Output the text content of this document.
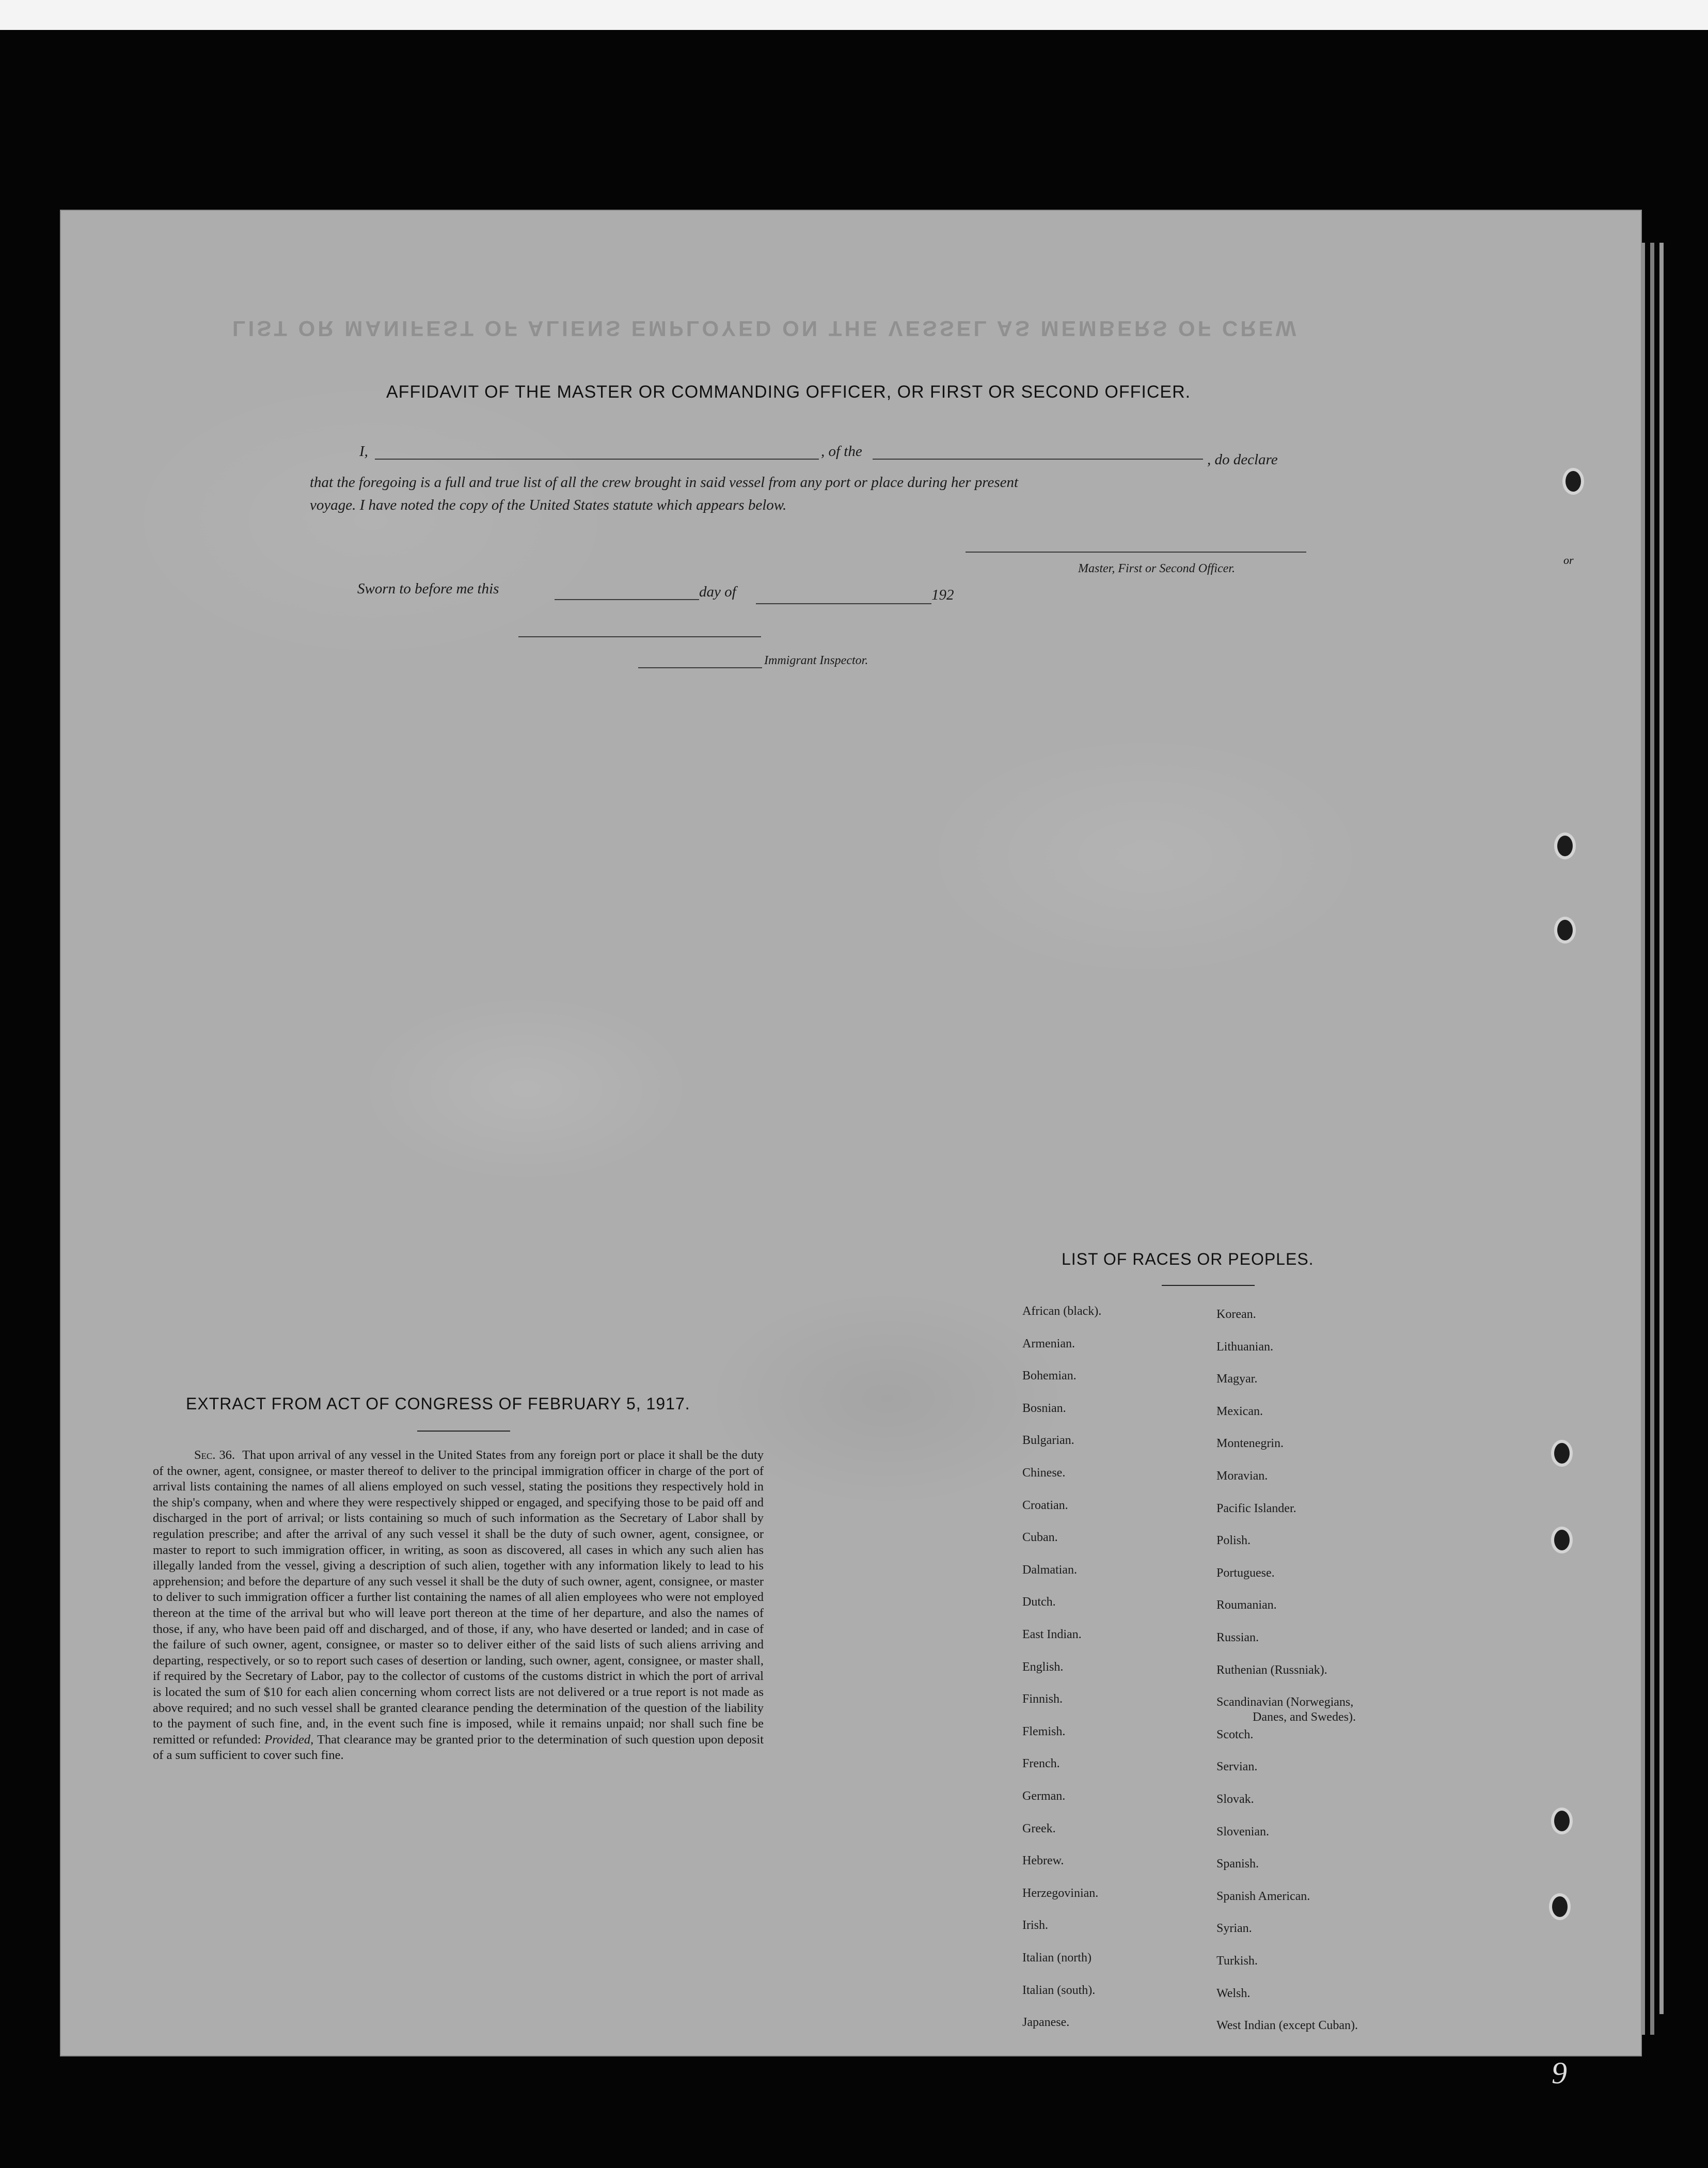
LIST OR MANIFEST OF ALIENS EMPLOYED ON THE VESSEL AS MEMBERS OF CREW
AFFIDAVIT OF THE MASTER OR COMMANDING OFFICER, OR FIRST OR SECOND OFFICER.
I,	, of the	, do declare
that the foregoing is a full and true list of all the crew brought in said vessel from any port or place during her present
voyage. I have noted the copy of the United States statute which appears below.
Master, First or Second Officer.
Sworn to before me this	day of	192
Immigrant Inspector.
EXTRACT FROM ACT OF CONGRESS OF FEBRUARY 5, 1917.
Sec. 36. That upon arrival of any vessel in the United States from any foreign port or place it shall be the duty of the owner, agent, consignee, or master thereof to deliver to the principal immigration officer in charge of the port of arrival lists containing the names of all aliens employed on such vessel, stating the positions they respectively hold in the ship's company, when and where they were respectively shipped or engaged, and specifying those to be paid off and discharged in the port of arrival; or lists containing so much of such information as the Secretary of Labor shall by regulation prescribe; and after the arrival of any such vessel it shall be the duty of such owner, agent, consignee, or master to report to such immigration officer, in writing, as soon as discovered, all cases in which any such alien has illegally landed from the vessel, giving a description of such alien, together with any information likely to lead to his apprehension; and before the departure of any such vessel it shall be the duty of such owner, agent, consignee, or master to deliver to such immigration officer a further list containing the names of all alien employees who were not employed thereon at the time of the arrival but who will leave port thereon at the time of her departure, and also the names of those, if any, who have been paid off and discharged, and of those, if any, who have deserted or landed; and in case of the failure of such owner, agent, consignee, or master so to deliver either of the said lists of such aliens arriving and departing, respectively, or so to report such cases of desertion or landing, such owner, agent, consignee, or master shall, if required by the Secretary of Labor, pay to the collector of customs of the customs district in which the port of arrival is located the sum of $10 for each alien concerning whom correct lists are not delivered or a true report is not made as above required; and no such vessel shall be granted clearance pending the determination of the question of the liability to the payment of such fine, and, in the event such fine is imposed, while it remains unpaid; nor shall such fine be remitted or refunded: Provided, That clearance may be granted prior to the determination of such question upon deposit of a sum sufficient to cover such fine.
LIST OF RACES OR PEOPLES.
African (black).
Armenian.
Bohemian.
Bosnian.
Bulgarian.
Chinese.
Croatian.
Cuban.
Dalmatian.
Dutch.
East Indian.
English.
Finnish.
Flemish.
French.
German.
Greek.
Hebrew.
Herzegovinian.
Irish.
Italian (north)
Italian (south).
Japanese.
Korean.
Lithuanian.
Magyar.
Mexican.
Montenegrin.
Moravian.
Pacific Islander.
Polish.
Portuguese.
Roumanian.
Russian.
Ruthenian (Russniak).
Scandinavian (Norwegians,
Scotch.
Servian.
Slovak.
Slovenian.
Spanish.
Spanish American.
Syrian.
Turkish.
Welsh.
West Indian (except Cuban).
Danes, and Swedes).
or
9
